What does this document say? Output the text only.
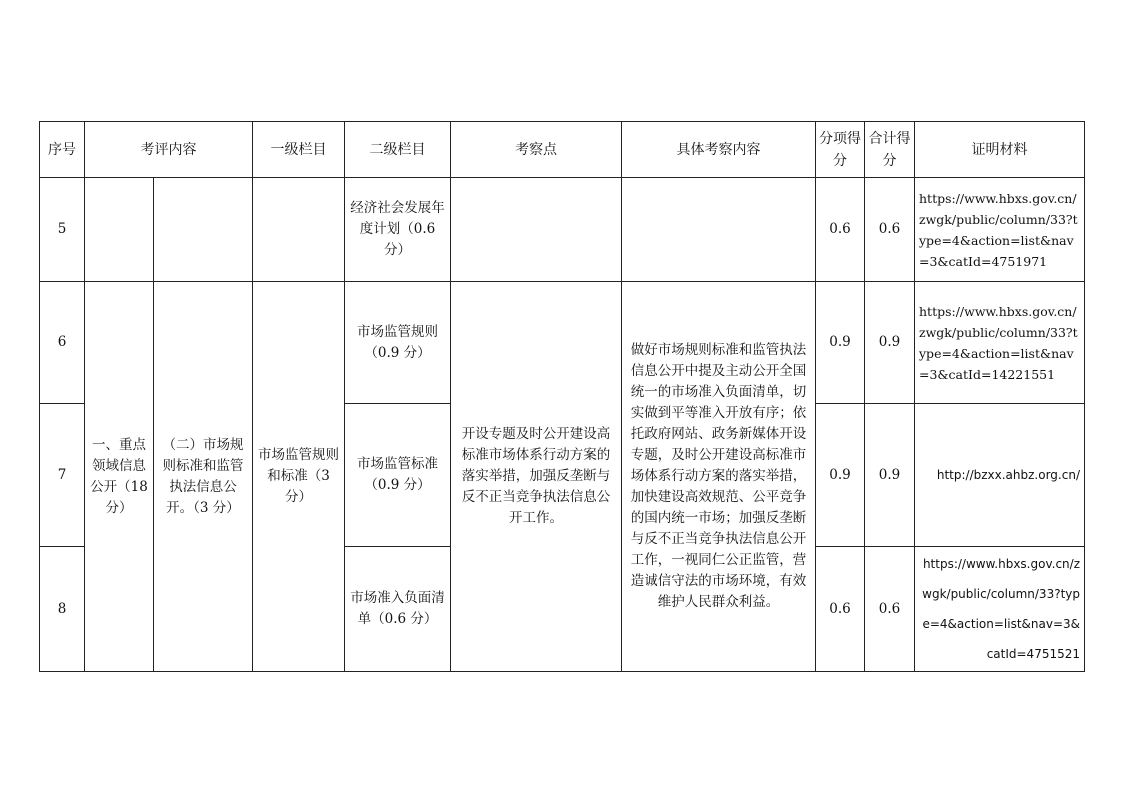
序号	考评内容		一级栏目	二级栏目	考察点	具体考察内容	分项得分	合计得分	证明材料
5				经济社会发展年度计划（0.6 分）			0.6	0.6	https://www.hbxs.gov.cn/zwgk/public/column/33?type=4&action=list&nav=3&catId=4751971
6	一、重点领域信息公开（18 分）	（二）市场规则标准和监管执法信息公开。（3 分）	市场监管规则和标准（3 分）	市场监管规则（0.9 分）	开设专题及时公开建设高标准市场体系行动方案的落实举措，加强反垄断与反不正当竞争执法信息公开工作。	做好市场规则标准和监管执法信息公开中提及主动公开全国统一的市场准入负面清单，切实做到平等准入开放有序；依托政府网站、政务新媒体开设专题，及时公开建设高标准市场体系行动方案的落实举措，加快建设高效规范、公平竞争的国内统一市场；加强反垄断与反不正当竞争执法信息公开工作，一视同仁公正监管，营造诚信守法的市场环境，有效维护人民群众利益。	0.9	0.9	https://www.hbxs.gov.cn/zwgk/public/column/33?type=4&action=list&nav=3&catId=14221551
7				市场监管标准（0.9 分）			0.9	0.9	http://bzxx.ahbz.org.cn/
8				市场准入负面清单（0.6 分）			0.6	0.6	https://www.hbxs.gov.cn/zwgk/public/column/33?type=4&action=list&nav=3&catId=4751521
